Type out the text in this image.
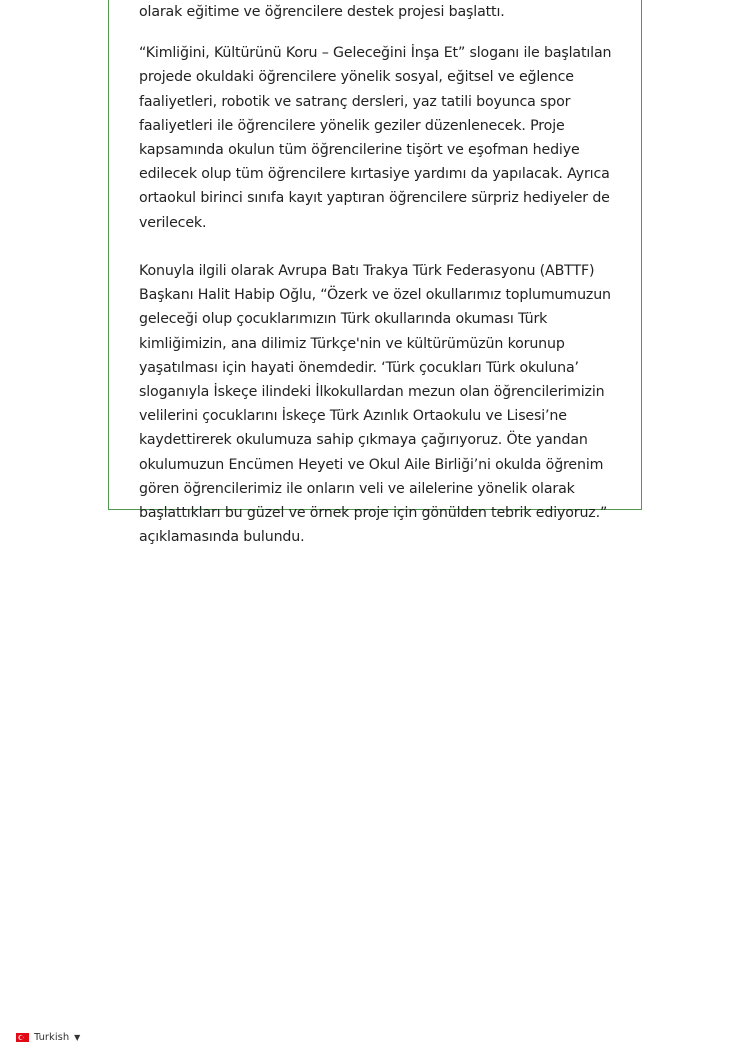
olarak eğitime ve öğrencilere destek projesi başlattı.

“Kimliğini, Kültürünü Koru – Geleceğini İnşa Et” sloganı ile başlatılan projede okuldaki öğrencilere yönelik sosyal, eğitsel ve eğlence faaliyetleri, robotik ve satranç dersleri, yaz tatili boyunca spor faaliyetleri ile öğrencilere yönelik geziler düzenlenecek. Proje kapsamında okulun tüm öğrencilerine tişört ve eşofman hediye edilecek olup tüm öğrencilere kırtasiye yardımı da yapılacak. Ayrıca ortaokul birinci sınıfa kayıt yaptıran öğrencilere sürpriz hediyeler de verilecek.

Konuyla ilgili olarak Avrupa Batı Trakya Türk Federasyonu (ABTTF) Başkanı Halit Habip Oğlu, “Özerk ve özel okullarımız toplumumuzun geleceği olup çocuklarımızın Türk okullarında okuması Türk kimliğimizin, ana dilimiz Türkçe'nin ve kültürümüzün korunup yaşatılması için hayati önemdedir. ‘Türk çocukları Türk okuluna’ sloganıyla İskeçe ilindeki İlkokullardan mezun olan öğrencilerimizin velilerini çocuklarını İskeçe Türk Azınlık Ortaokulu ve Lisesi’ne kaydettirerek okulumuza sahip çıkmaya çağırıyoruz. Öte yandan okulumuzun Encümen Heyeti ve Okul Aile Birliği’ni okulda öğrenim gören öğrencilerimiz ile onların veli ve ailelerine yönelik olarak başlattıkları bu güzel ve örnek proje için gönülden tebrik ediyoruz.” açıklamasında bulundu.

Turkish ▼
